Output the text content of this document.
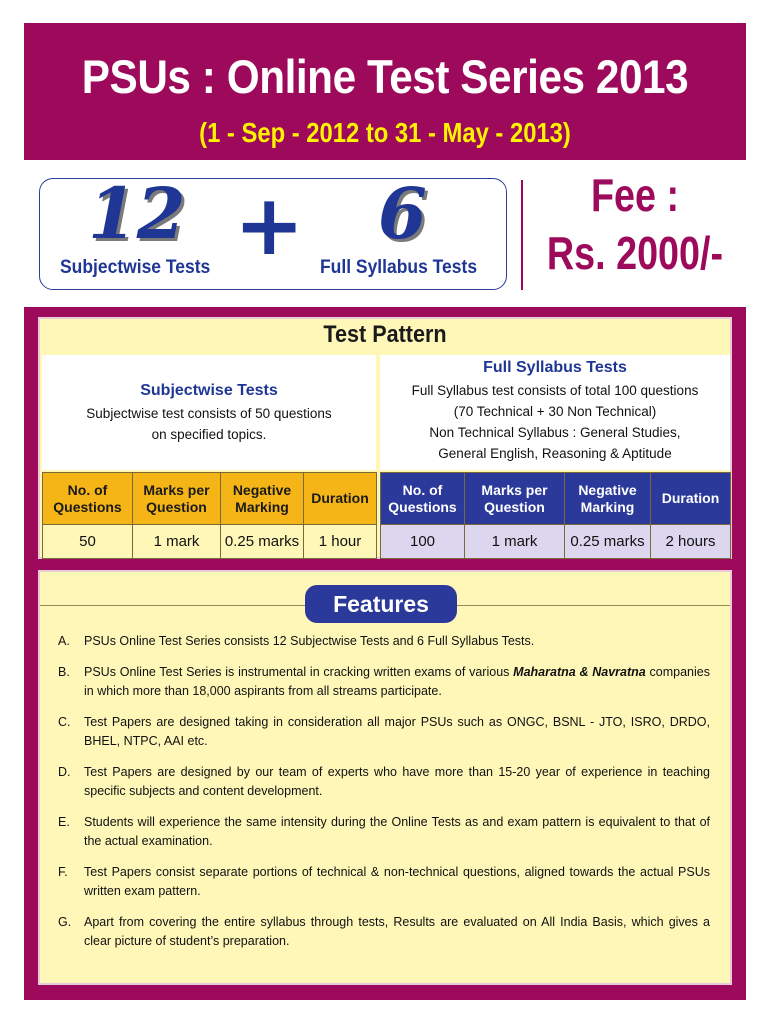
PSUs : Online Test Series 2013
(1 - Sep - 2012 to 31 - May - 2013)
12 + 6
Subjectwise Tests	Full Syllabus Tests
Fee :
Rs. 2000/-
Test Pattern
Subjectwise Tests
Subjectwise test consists of 50 questions
on specified topics.
Full Syllabus Tests
Full Syllabus test consists of total 100 questions
(70 Technical + 30 Non Technical)
Non Technical Syllabus : General Studies,
General English, Reasoning & Aptitude
No. of Questions	Marks per Question	Negative Marking	Duration
50	1 mark	0.25 marks	1 hour
No. of Questions	Marks per Question	Negative Marking	Duration
100	1 mark	0.25 marks	2 hours
Features
A. PSUs Online Test Series consists 12 Subjectwise Tests and 6 Full Syllabus Tests.
B. PSUs Online Test Series is instrumental in cracking written exams of various Maharatna & Navratna companies in which more than 18,000 aspirants from all streams participate.
C. Test Papers are designed taking in consideration all major PSUs such as ONGC, BSNL - JTO, ISRO, DRDO, BHEL, NTPC, AAI etc.
D. Test Papers are designed by our team of experts who have more than 15-20 year of experience in teaching specific subjects and content development.
E. Students will experience the same intensity during the Online Tests as and exam pattern is equivalent to that of the actual examination.
F. Test Papers consist separate portions of technical & non-technical questions, aligned towards the actual PSUs written exam pattern.
G. Apart from covering the entire syllabus through tests, Results are evaluated on All India Basis, which gives a clear picture of student’s preparation.
